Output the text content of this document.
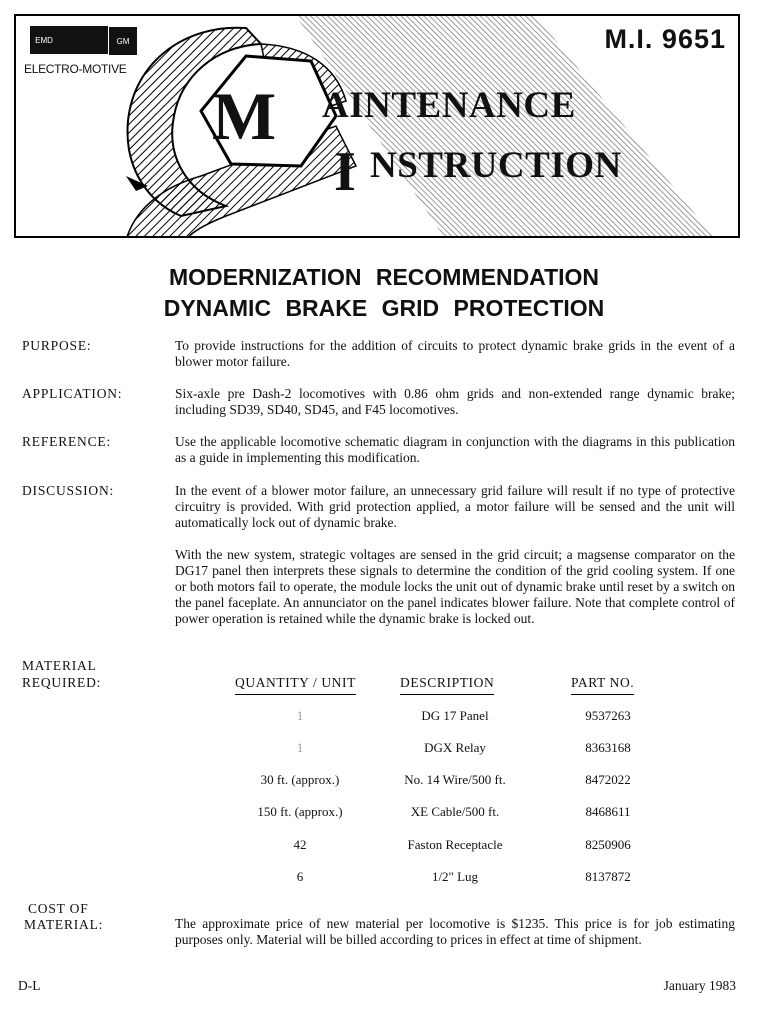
EMD	GM
ELECTRO-MOTIVE
M.I. 9651
M AINTENANCE
I NSTRUCTION
MODERNIZATION RECOMMENDATION
DYNAMIC BRAKE GRID PROTECTION
PURPOSE:	To provide instructions for the addition of circuits to protect dynamic brake grids in the event of a blower motor failure.
APPLICATION:	Six-axle pre Dash-2 locomotives with 0.86 ohm grids and non-extended range dynamic brake; including SD39, SD40, SD45, and F45 locomotives.
REFERENCE:	Use the applicable locomotive schematic diagram in conjunction with the diagrams in this publication as a guide in implementing this modification.
DISCUSSION:	In the event of a blower motor failure, an unnecessary grid failure will result if no type of protective circuitry is provided. With grid protection applied, a motor failure will be sensed and the unit will automatically lock out of dynamic brake.
With the new system, strategic voltages are sensed in the grid circuit; a magsense comparator on the DG17 panel then interprets these signals to determine the condition of the grid cooling system. If one or both motors fail to operate, the module locks the unit out of dynamic brake until reset by a switch on the panel faceplate. An annunciator on the panel indicates blower failure. Note that complete control of power operation is retained while the dynamic brake is locked out.
MATERIAL
REQUIRED:	QUANTITY / UNIT	DESCRIPTION	PART NO.
1	DG 17 Panel	9537263
1	DGX Relay	8363168
30 ft. (approx.)	No. 14 Wire/500 ft.	8472022
150 ft. (approx.)	XE Cable/500 ft.	8468611
42	Faston Receptacle	8250906
6	1/2" Lug	8137872
COST OF
MATERIAL:	The approximate price of new material per locomotive is $1235. This price is for job estimating purposes only. Material will be billed according to prices in effect at time of shipment.
D-L	January 1983
